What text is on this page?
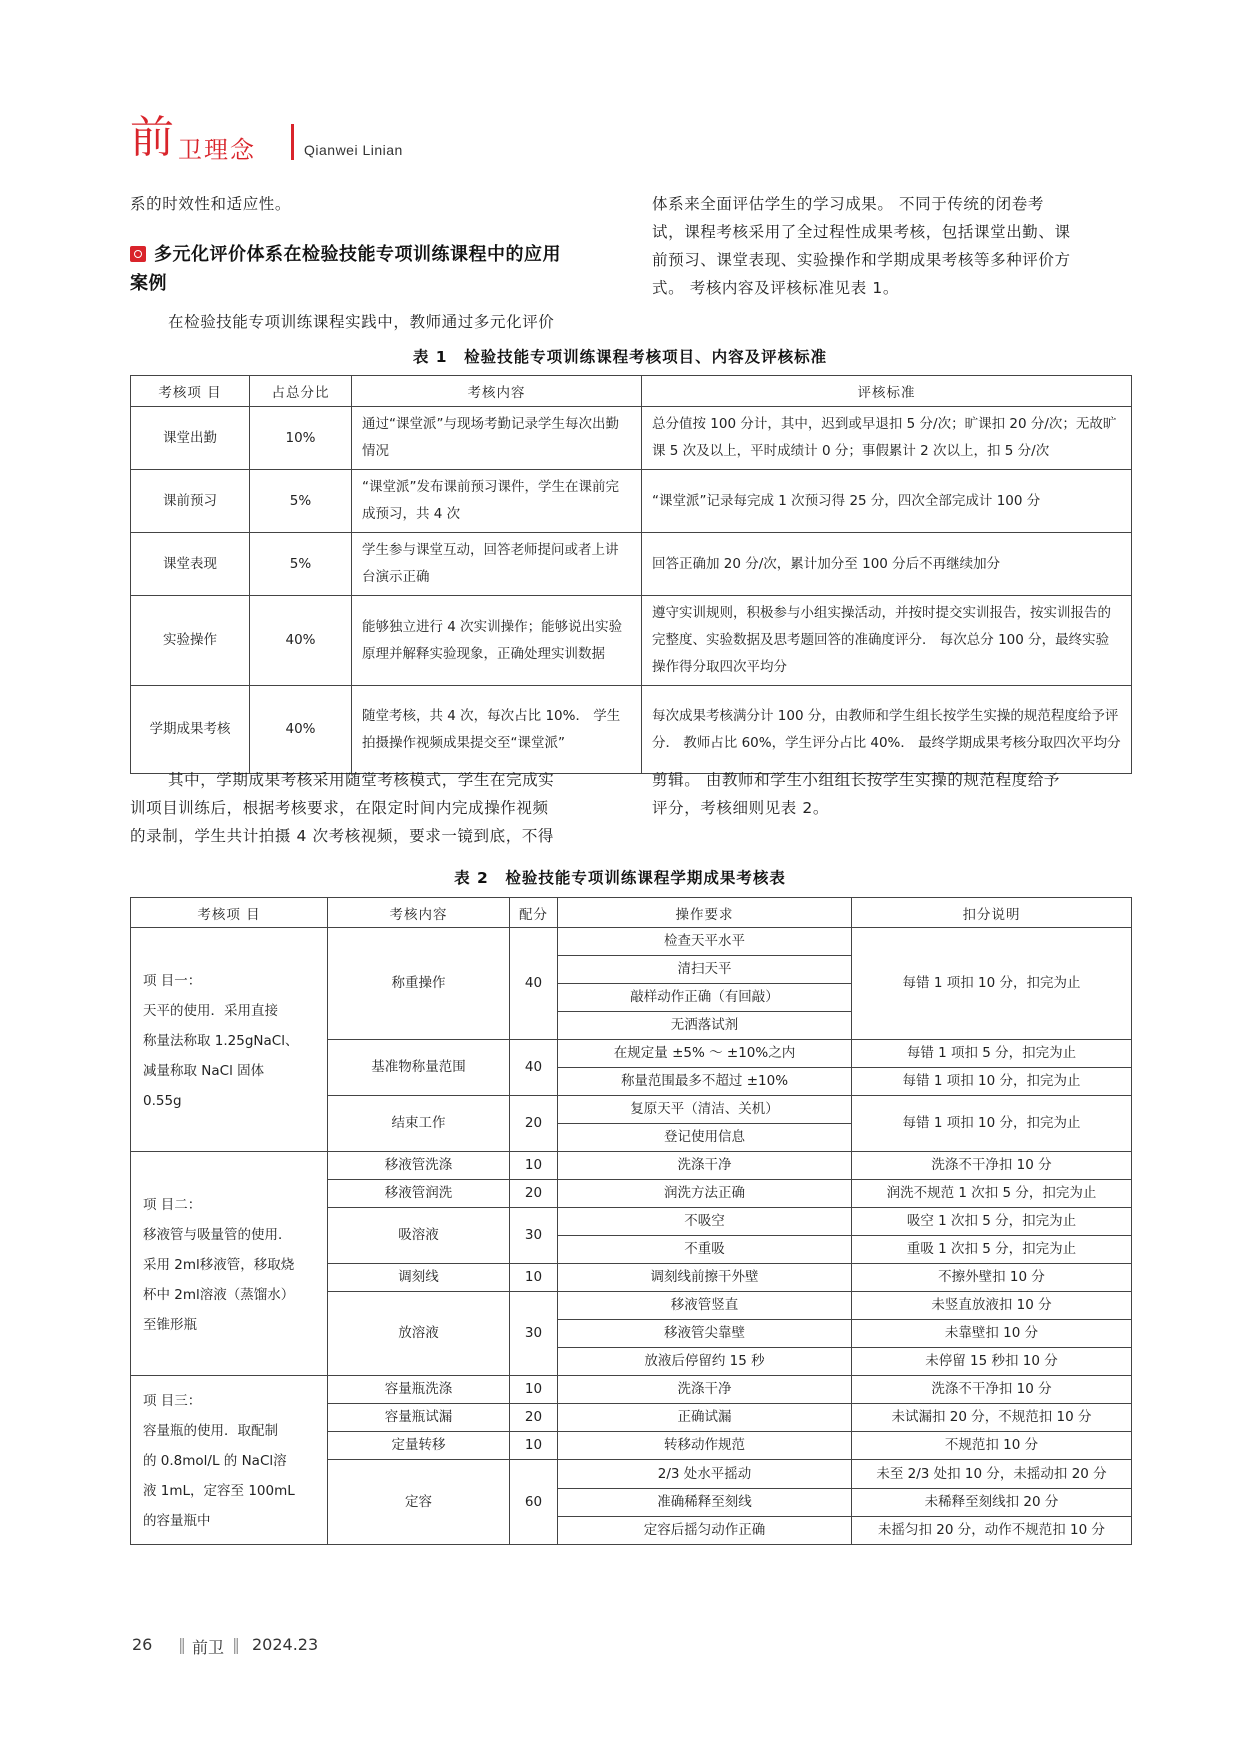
前 卫理念	Qianwei Linian
系的时效性和适应性。
多元化评价体系在检验技能专项训练课程中的应用
案例
在检验技能专项训练课程实践中，教师通过多元化评价
体系来全面评估学生的学习成果。 不同于传统的闭卷考
试，课程考核采用了全过程性成果考核，包括课堂出勤、课
前预习、课堂表现、实验操作和学期成果考核等多种评价方
式。 考核内容及评核标准见表 1。
表 1　检验技能专项训练课程考核项目、内容及评核标准
考核项 目	占总分比	考核内容	评核标准
课堂出勤	10%	通过“课堂派”与现场考勤记录学生每次出勤情况	总分值按 100 分计，其中，迟到或早退扣 5 分/次；旷课扣 20 分/次；无故旷课 5 次及以上，平时成绩计 0 分；事假累计 2 次以上，扣 5 分/次
课前预习	5%	“课堂派”发布课前预习课件，学生在课前完成预习，共 4 次	“课堂派”记录每完成 1 次预习得 25 分，四次全部完成计 100 分
课堂表现	5%	学生参与课堂互动，回答老师提问或者上讲台演示正确	回答正确加 20 分/次，累计加分至 100 分后不再继续加分
实验操作	40%	能够独立进行 4 次实训操作；能够说出实验原理并解释实验现象，正确处理实训数据	遵守实训规则，积极参与小组实操活动，并按时提交实训报告，按实训报告的完整度、实验数据及思考题回答的准确度评分． 每次总分 100 分，最终实验操作得分取四次平均分
学期成果考核	40%	随堂考核，共 4 次，每次占比 10%． 学生拍摄操作视频成果提交至“课堂派”	每次成果考核满分计 100 分，由教师和学生组长按学生实操的规范程度给予评分． 教师占比 60%，学生评分占比 40%． 最终学期成果考核分取四次平均分
其中，学期成果考核采用随堂考核模式，学生在完成实
训项目训练后，根据考核要求，在限定时间内完成操作视频
的录制，学生共计拍摄 4 次考核视频，要求一镜到底，不得
剪辑。 由教师和学生小组组长按学生实操的规范程度给予
评分，考核细则见表 2。
表 2　检验技能专项训练课程学期成果考核表
考核项 目	考核内容	配分	操作要求	扣分说明

项 目一：
天平的使用．采用直接
称量法称取 1.25gNaCl、
减量称取 NaCl 固体
0.55g	称重操作	40	检查天平水平	每错 1 项扣 10 分，扣完为止
			清扫天平	
			敲样动作正确（有回敲）	
			无洒落试剂	
	基准物称量范围	40	在规定量 ±5% ～ ±10%之内	每错 1 项扣 5 分，扣完为止
			称量范围最多不超过 ±10%	每错 1 项扣 10 分，扣完为止
	结束工作	20	复原天平（清洁、关机）	每错 1 项扣 10 分，扣完为止
			登记使用信息	

项 目二：
移液管与吸量管的使用．
采用 2ml移液管，移取烧
杯中 2ml溶液（蒸馏水）
至锥形瓶	移液管洗涤	10	洗涤干净	洗涤不干净扣 10 分
	移液管润洗	20	润洗方法正确	润洗不规范 1 次扣 5 分，扣完为止
	吸溶液	30	不吸空	吸空 1 次扣 5 分，扣完为止
			不重吸	重吸 1 次扣 5 分，扣完为止
	调刻线	10	调刻线前擦干外壁	不擦外壁扣 10 分
	放溶液	30	移液管竖直	未竖直放液扣 10 分
			移液管尖靠壁	未靠壁扣 10 分
			放液后停留约 15 秒	未停留 15 秒扣 10 分

项 目三：
容量瓶的使用．取配制
的 0.8mol/L 的 NaCl溶
液 1mL，定容至 100mL
的容量瓶中	容量瓶洗涤	10	洗涤干净	洗涤不干净扣 10 分
	容量瓶试漏	20	正确试漏	未试漏扣 20 分，不规范扣 10 分
	定量转移	10	转移动作规范	不规范扣 10 分
	定容	60	2/3 处水平摇动	未至 2/3 处扣 10 分，未摇动扣 20 分
			准确稀释至刻线	未稀释至刻线扣 20 分
			定容后摇匀动作正确	未摇匀扣 20 分，动作不规范扣 10 分
26 ‖ 前卫 ‖ 2024.23
